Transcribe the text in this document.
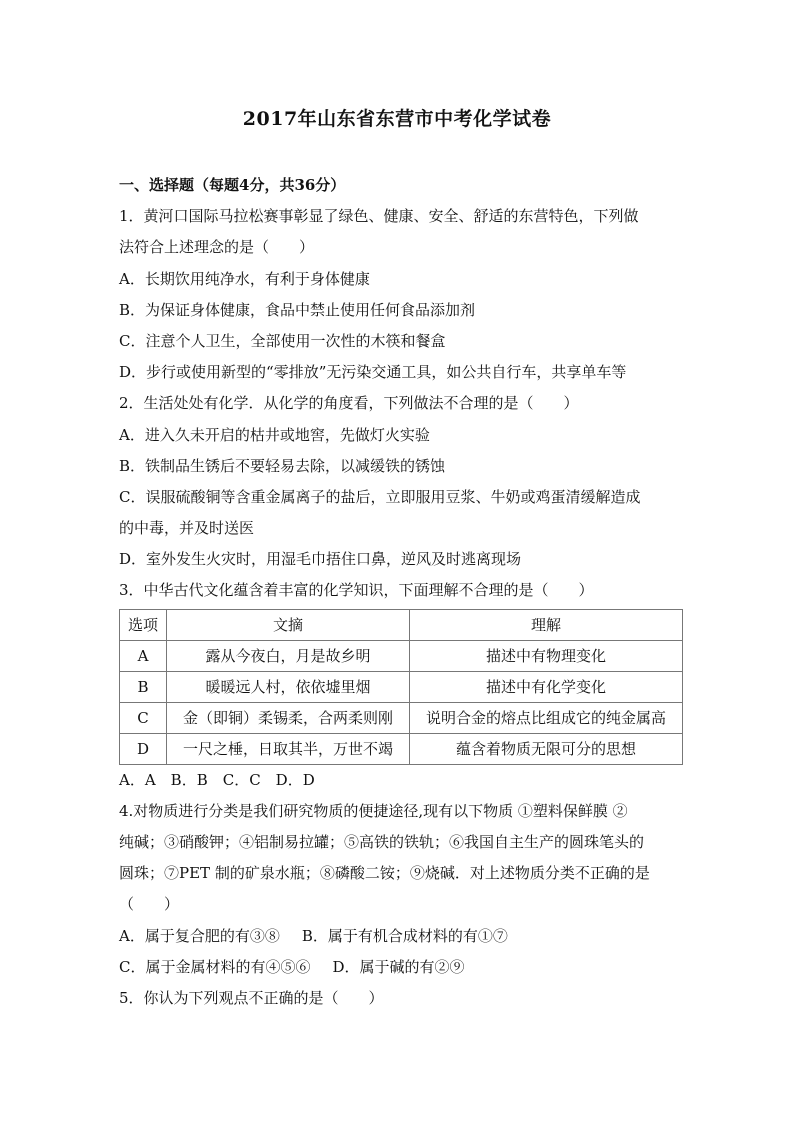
2017年山东省东营市中考化学试卷
一、选择题（每题4分，共36分）
1．黄河口国际马拉松赛事彰显了绿色、健康、安全、舒适的东营特色，下列做
法符合上述理念的是（　　）
A．长期饮用纯净水，有利于身体健康
B．为保证身体健康，食品中禁止使用任何食品添加剂
C．注意个人卫生，全部使用一次性的木筷和餐盒
D．步行或使用新型的“零排放”无污染交通工具，如公共自行车，共享单车等
2．生活处处有化学．从化学的角度看，下列做法不合理的是（　　）
A．进入久未开启的枯井或地窖，先做灯火实验
B．铁制品生锈后不要轻易去除，以减缓铁的锈蚀
C．误服硫酸铜等含重金属离子的盐后，立即服用豆浆、牛奶或鸡蛋清缓解造成
的中毒，并及时送医
D．室外发生火灾时，用湿毛巾捂住口鼻，逆风及时逃离现场
3．中华古代文化蕴含着丰富的化学知识，下面理解不合理的是（　　）
选项	文摘	理解
A	露从今夜白，月是故乡明	描述中有物理变化
B	暖暖远人村，依依墟里烟	描述中有化学变化
C	金（即铜）柔锡柔，合两柔则刚	说明合金的熔点比组成它的纯金属高
D	一尺之棰，日取其半，万世不竭	蕴含着物质无限可分的思想
A．A　B．B　C．C　D．D
4.对物质进行分类是我们研究物质的便捷途径,现有以下物质 ①塑料保鲜膜 ②
纯碱；③硝酸钾；④铝制易拉罐；⑤高铁的铁轨；⑥我国自主生产的圆珠笔头的
圆珠；⑦PET 制的矿泉水瓶；⑧磷酸二铵；⑨烧碱．对上述物质分类不正确的是
（　　）
A．属于复合肥的有③⑧ B．属于有机合成材料的有①⑦
C．属于金属材料的有④⑤⑥ D．属于碱的有②⑨
5．你认为下列观点不正确的是（　　）
